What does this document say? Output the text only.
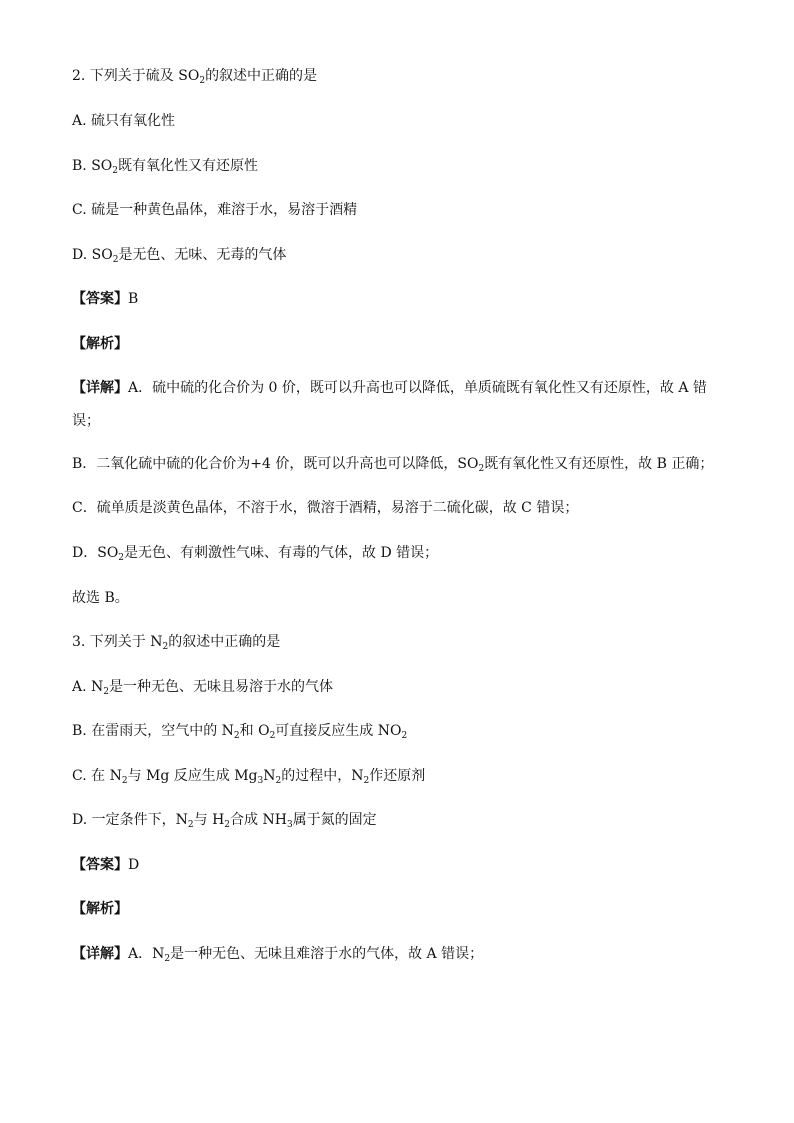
2. 下列关于硫及 $SO_2$的叙述中正确的是
A. 硫只有氧化性
B. $SO_2$既有氧化性又有还原性
C. 硫是一种黄色晶体，难溶于水，易溶于酒精
D. $SO_2$是无色、无味、无毒的气体
【答案】B
【解析】
【详解】A．硫中硫的化合价为 0 价，既可以升高也可以降低，单质硫既有氧化性又有还原性，故 A 错
误；
B．二氧化硫中硫的化合价为+4 价，既可以升高也可以降低，$SO_2$既有氧化性又有还原性，故 B 正确；
C．硫单质是淡黄色晶体，不溶于水，微溶于酒精，易溶于二硫化碳，故 C 错误；
D．$SO_2$是无色、有刺激性气味、有毒的气体，故 D 错误；
故选 B。
3. 下列关于 $N_2$的叙述中正确的是
A. $N_2$是一种无色、无味且易溶于水的气体
B. 在雷雨天，空气中的 $N_2$和 $O_2$可直接反应生成 $NO_2$
C. 在 $N_2$与 Mg 反应生成 $Mg_3N_2$的过程中，$N_2$作还原剂
D. 一定条件下，$N_2$与 $H_2$合成 $NH_3$属于氮的固定
【答案】D
【解析】
【详解】A．$N_2$是一种无色、无味且难溶于水的气体，故 A 错误；
